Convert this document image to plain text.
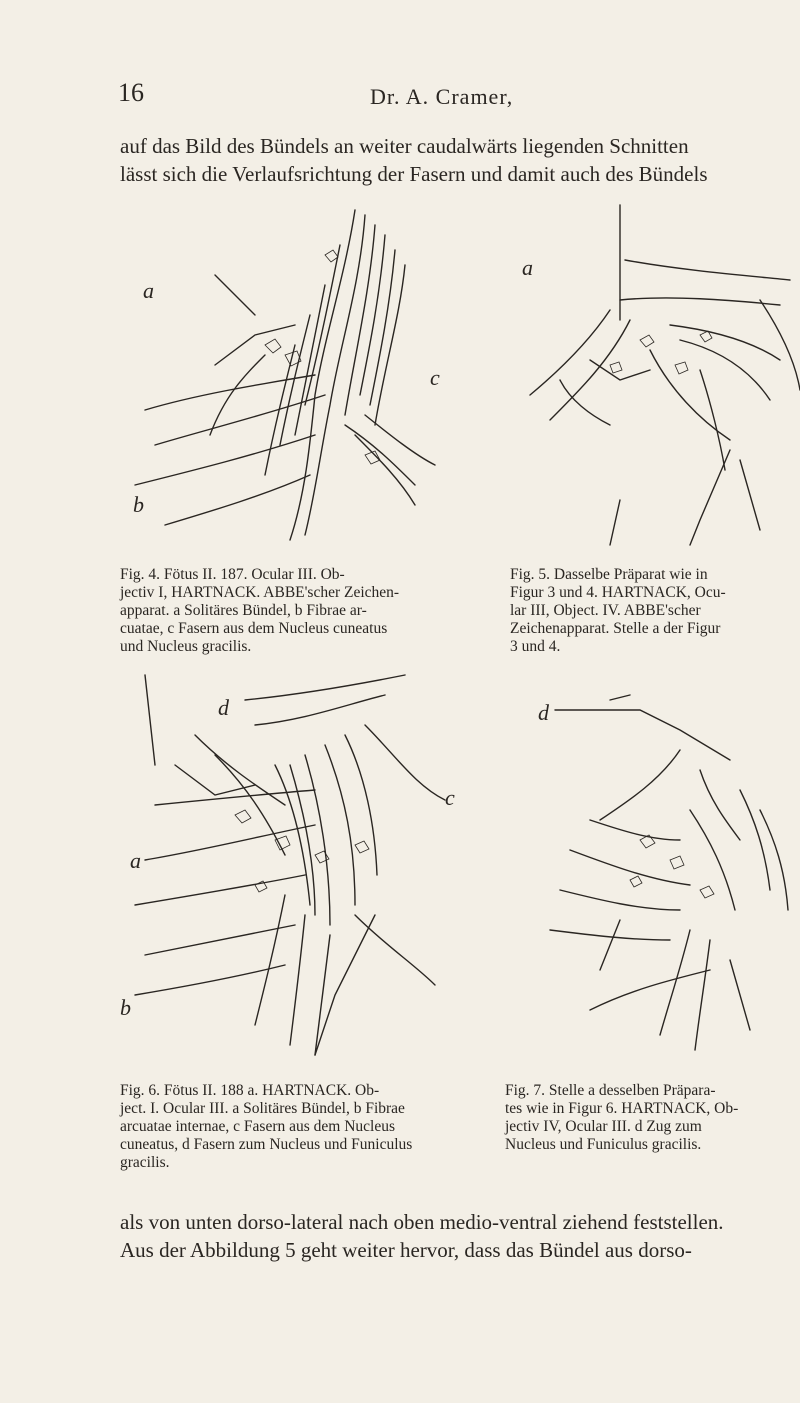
16	Dr. A. Cramer,
auf das Bild des Bündels an weiter caudalwärts liegenden Schnitten
lässt sich die Verlaufsrichtung der Fasern und damit auch des Bündels
a
b
c
a
Fig. 4. Fötus II. 187. Ocular III. Ob-
jectiv I, HARTNACK. ABBE'scher Zeichen-
apparat. a Solitäres Bündel, b Fibrae ar-
cuatae, c Fasern aus dem Nucleus cuneatus
und Nucleus gracilis.
Fig. 5. Dasselbe Präparat wie in
Figur 3 und 4. HARTNACK, Ocu-
lar III, Object. IV. ABBE'scher
Zeichenapparat. Stelle a der Figur
3 und 4.
d
a
c
b
d
Fig. 6. Fötus II. 188 a. HARTNACK. Ob-
ject. I. Ocular III. a Solitäres Bündel, b Fibrae
arcuatae internae, c Fasern aus dem Nucleus
cuneatus, d Fasern zum Nucleus und Funiculus
gracilis.
Fig. 7. Stelle a desselben Präpara-
tes wie in Figur 6. HARTNACK, Ob-
jectiv IV, Ocular III. d Zug zum
Nucleus und Funiculus gracilis.
als von unten dorso-lateral nach oben medio-ventral ziehend feststellen.
Aus der Abbildung 5 geht weiter hervor, dass das Bündel aus dorso-
